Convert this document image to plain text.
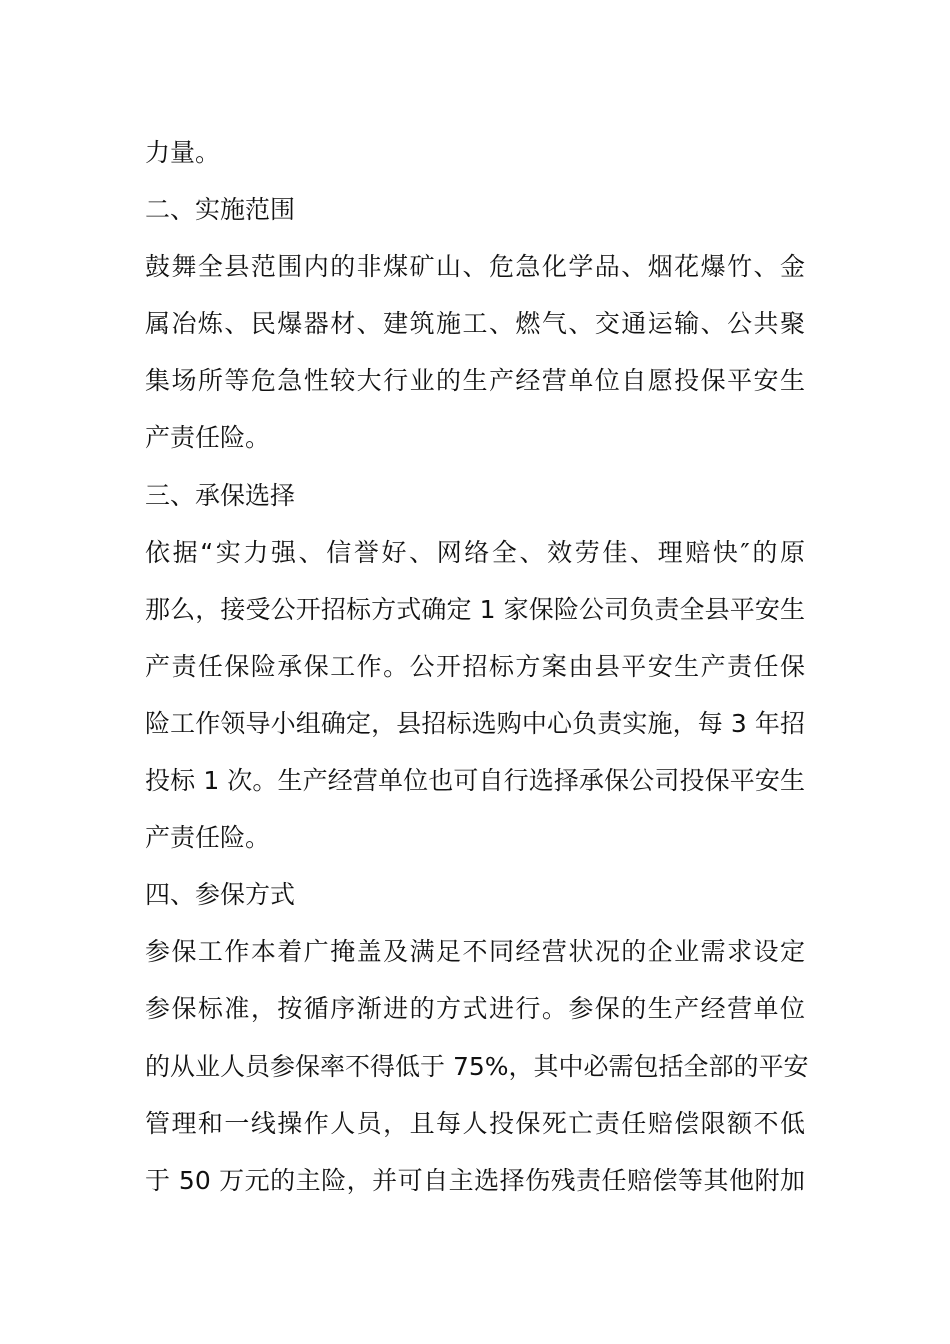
力量。
二、实施范围
鼓舞全县范围内的非煤矿山、危急化学品、烟花爆竹、金
属冶炼、民爆器材、建筑施工、燃气、交通运输、公共聚
集场所等危急性较大行业的生产经营单位自愿投保平安生
产责任险。
三、承保选择
依据“实力强、信誉好、网络全、效劳佳、理赔快″的原
那么，接受公开招标方式确定 1 家保险公司负责全县平安生
产责任保险承保工作。公开招标方案由县平安生产责任保
险工作领导小组确定，县招标选购中心负责实施，每 3 年招
投标 1 次。生产经营单位也可自行选择承保公司投保平安生
产责任险。
四、参保方式
参保工作本着广掩盖及满足不同经营状况的企业需求设定
参保标准，按循序渐进的方式进行。参保的生产经营单位
的从业人员参保率不得低于 75%，其中必需包括全部的平安
管理和一线操作人员，且每人投保死亡责任赔偿限额不低
于 50 万元的主险，并可自主选择伤残责任赔偿等其他附加
